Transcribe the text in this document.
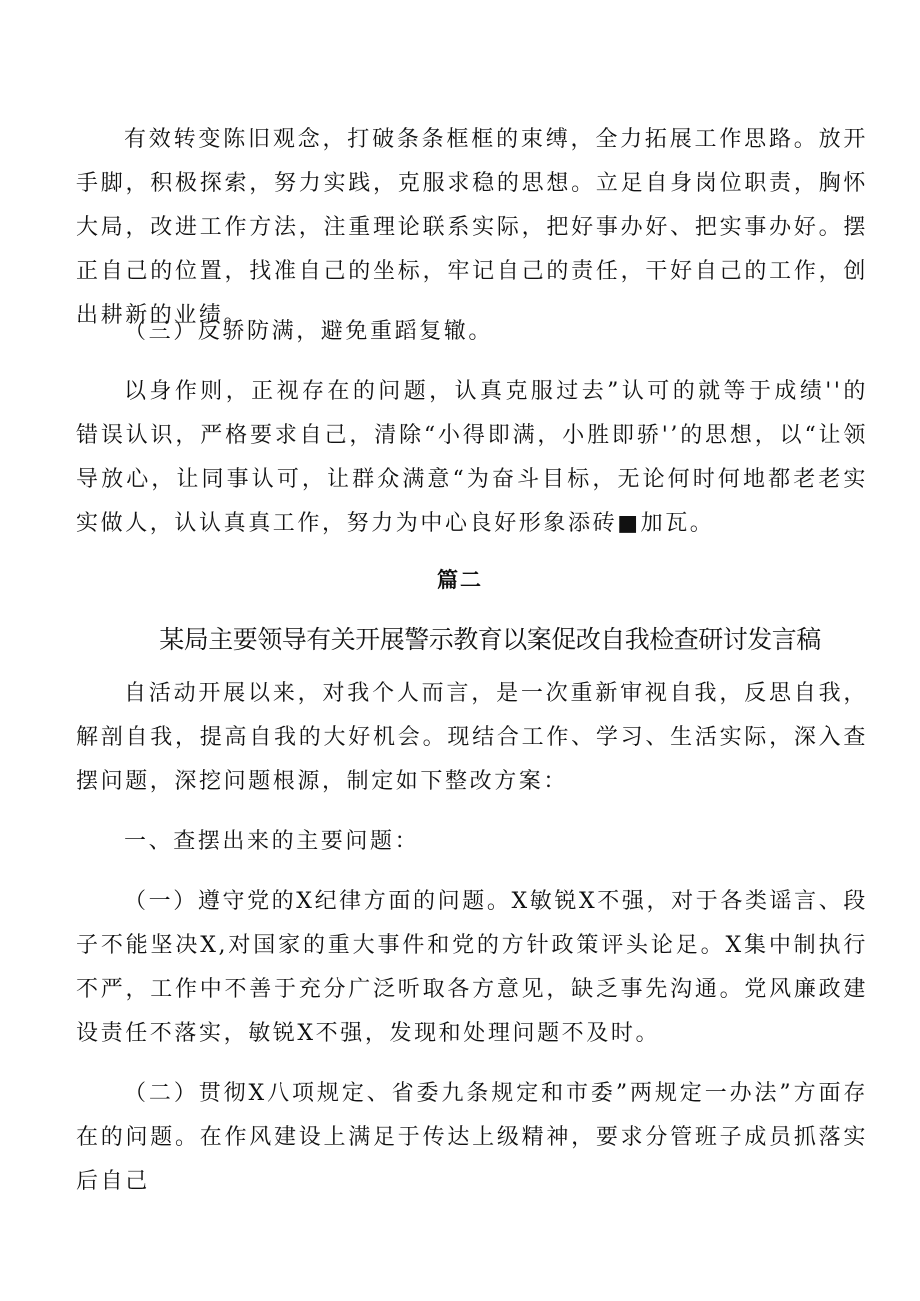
有效转变陈旧观念，打破条条框框的束缚，全力拓展工作思路。放开手脚，积极探索，努力实践，克服求稳的思想。立足自身岗位职责，胸怀大局，改进工作方法，注重理论联系实际，把好事办好、把实事办好。摆正自己的位置，找准自己的坐标，牢记自己的责任，干好自己的工作，创出耕新的业绩。

（三）反骄防满，避免重蹈复辙。

以身作则，正视存在的问题，认真克服过去”认可的就等于成绩''的错误认识，严格要求自己，清除“小得即满，小胜即骄'’的思想，以“让领导放心，让同事认可，让群众满意“为奋斗目标，无论何时何地都老老实实做人，认认真真工作，努力为中心良好形象添砖■加瓦。

篇二
某局主要领导有关开展警示教育以案促改自我检查研讨发言稿

自活动开展以来，对我个人而言，是一次重新审视自我，反思自我，解剖自我，提高自我的大好机会。现结合工作、学习、生活实际，深入查摆问题，深挖问题根源，制定如下整改方案：

一、查摆出来的主要问题：

（一）遵守党的X纪律方面的问题。X敏锐X不强，对于各类谣言、段子不能坚决X,对国家的重大事件和党的方针政策评头论足。X集中制执行不严，工作中不善于充分广泛听取各方意见，缺乏事先沟通。党风廉政建设责任不落实，敏锐X不强，发现和处理问题不及时。

（二）贯彻X八项规定、省委九条规定和市委”两规定一办法”方面存在的问题。在作风建设上满足于传达上级精神，要求分管班子成员抓落实后自己
